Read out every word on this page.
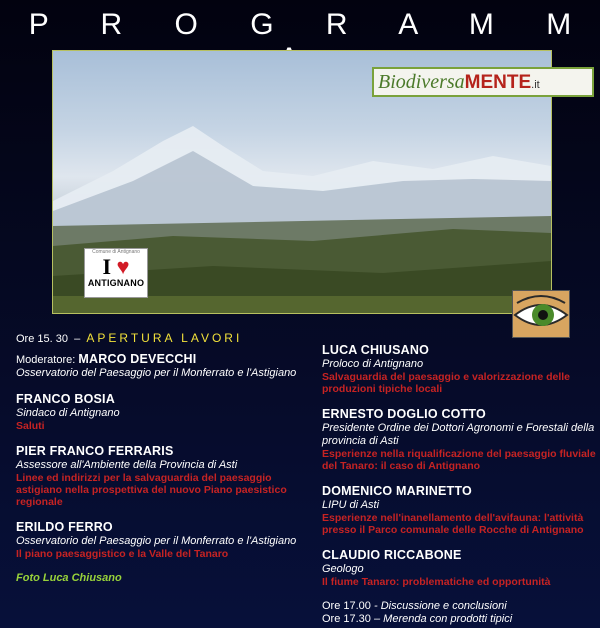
P R O G R A M M
BiodiversaMENTE.it
Comune di Antignano
I ♥
ANTIGNANO
Ore 15. 30 – APERTURA LAVORI
Moderatore: MARCO DEVECCHI
Osservatorio del Paesaggio per il Monferrato e l'Astigiano
FRANCO BOSIA
Sindaco di Antignano
Saluti
PIER FRANCO FERRARIS
Assessore all'Ambiente della Provincia di Asti
Linee ed indirizzi per la salvaguardia del paesaggio astigiano nella prospettiva del nuovo Piano paesistico regionale
ERILDO FERRO
Osservatorio del Paesaggio per il Monferrato e l'Astigiano
Il piano paesaggistico e la Valle del Tanaro
Foto Luca Chiusano
LUCA CHIUSANO
Proloco di Antignano
Salvaguardia del paesaggio e valorizzazione delle produzioni tipiche locali
ERNESTO DOGLIO COTTO
Presidente Ordine dei Dottori Agronomi e Forestali della provincia di Asti
Esperienze nella riqualificazione del paesaggio fluviale del Tanaro: il caso di Antignano
DOMENICO MARINETTO
LIPU di Asti
Esperienze nell'inanellamento dell'avifauna: l'attività presso il Parco comunale delle Rocche di Antignano
CLAUDIO RICCABONE
Geologo
Il fiume Tanaro: problematiche ed opportunità
Ore 17.00 - Discussione e conclusioni
Ore 17.30 – Merenda con prodotti tipici
